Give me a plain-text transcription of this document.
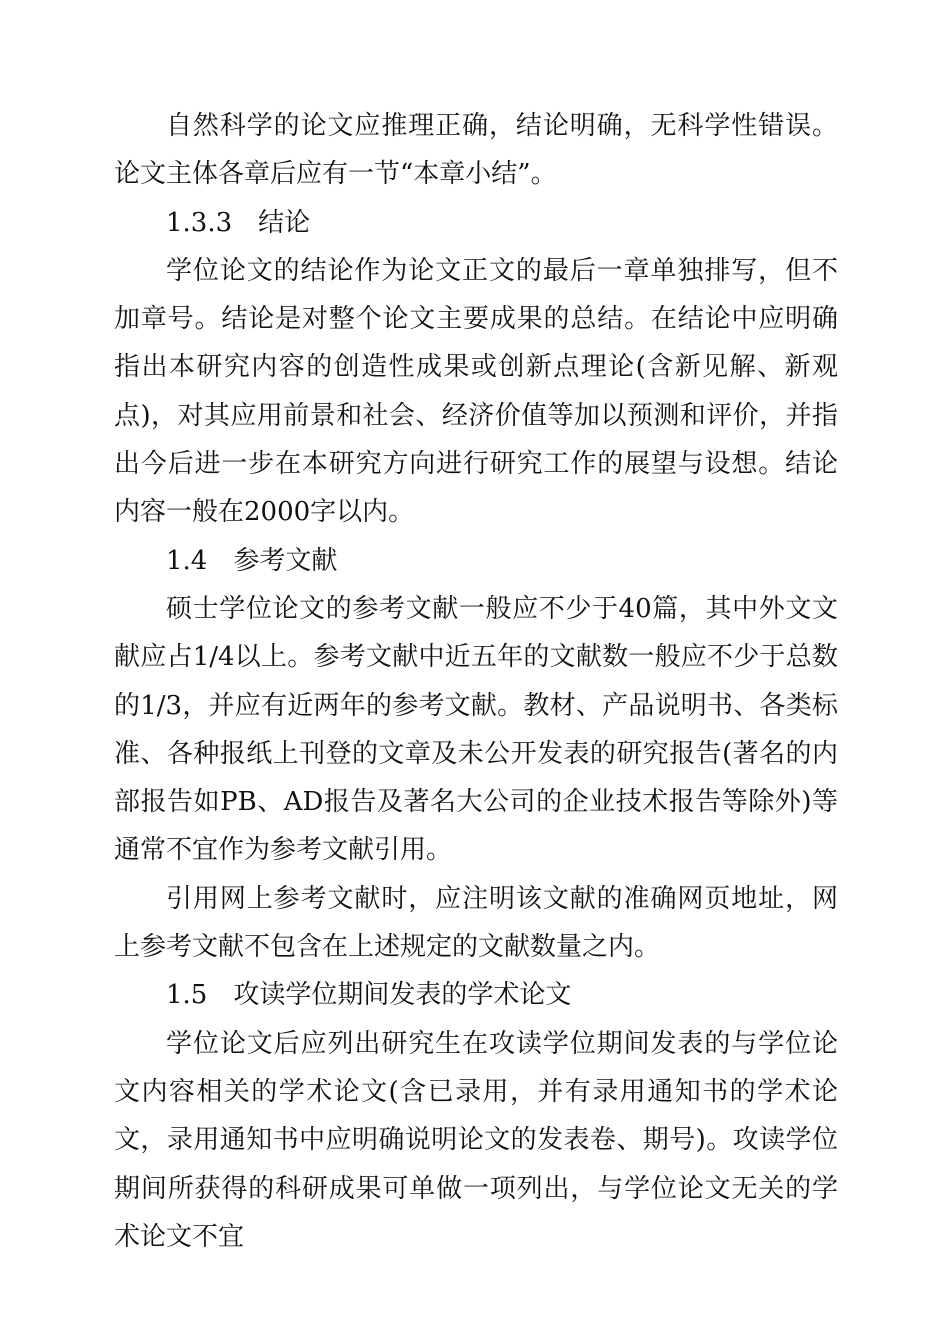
自然科学的论文应推理正确，结论明确，无科学性错误。论文主体各章后应有一节“本章小结”。

1.3.3　结论

学位论文的结论作为论文正文的最后一章单独排写，但不加章号。结论是对整个论文主要成果的总结。在结论中应明确指出本研究内容的创造性成果或创新点理论(含新见解、新观点)，对其应用前景和社会、经济价值等加以预测和评价，并指出今后进一步在本研究方向进行研究工作的展望与设想。结论内容一般在2000字以内。

1.4　参考文献

硕士学位论文的参考文献一般应不少于40篇，其中外文文献应占1/4以上。参考文献中近五年的文献数一般应不少于总数的1/3，并应有近两年的参考文献。教材、产品说明书、各类标准、各种报纸上刊登的文章及未公开发表的研究报告(著名的内部报告如PB、AD报告及著名大公司的企业技术报告等除外)等通常不宜作为参考文献引用。

引用网上参考文献时，应注明该文献的准确网页地址，网上参考文献不包含在上述规定的文献数量之内。

1.5　攻读学位期间发表的学术论文

学位论文后应列出研究生在攻读学位期间发表的与学位论文内容相关的学术论文(含已录用，并有录用通知书的学术论文，录用通知书中应明确说明论文的发表卷、期号)。攻读学位期间所获得的科研成果可单做一项列出，与学位论文无关的学术论文不宜
